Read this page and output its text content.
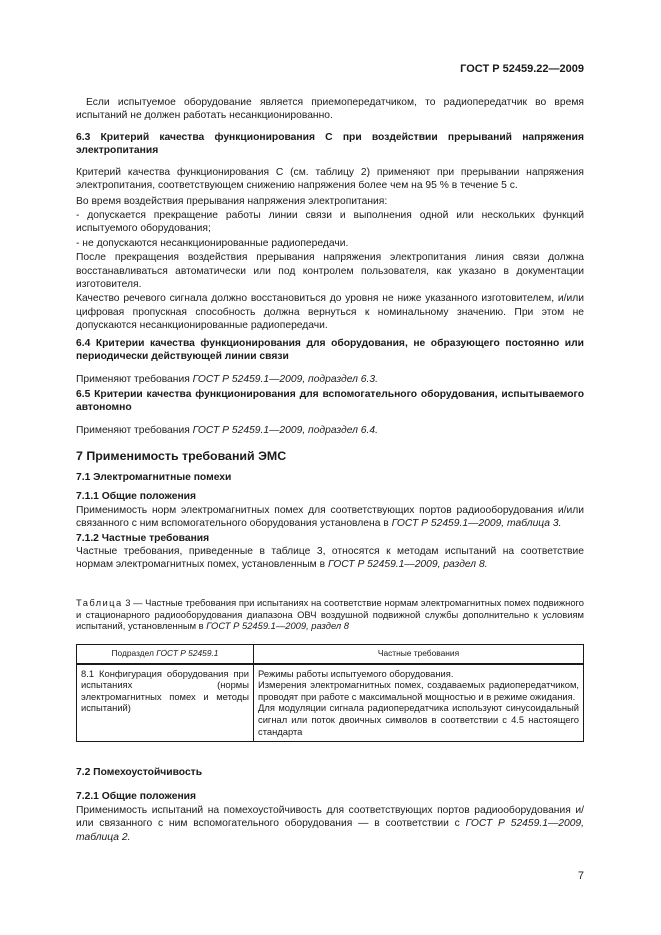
ГОСТ Р 52459.22—2009

Если испытуемое оборудование является приемопередатчиком, то радиопередатчик во время испытаний не должен работать несанкционированно.

6.3 Критерий качества функционирования С при воздействии прерываний напряжения электропитания

Критерий качества функционирования С (см. таблицу 2) применяют при прерывании напряжения электропитания, соответствующем снижению напряжения более чем на 95 % в течение 5 с.

Во время воздействия прерывания напряжения электропитания:

- допускается прекращение работы линии связи и выполнения одной или нескольких функций испытуемого оборудования;

- не допускаются несанкционированные радиопередачи.

После прекращения воздействия прерывания напряжения электропитания линия связи должна восстанавливаться автоматически или под контролем пользователя, как указано в документации изготовителя.

Качество речевого сигнала должно восстановиться до уровня не ниже указанного изготовителем, и/или цифровая пропускная способность должна вернуться к номинальному значению. При этом не допускаются несанкционированные радиопередачи.

6.4 Критерии качества функционирования для оборудования, не образующего постоянно или периодически действующей линии связи

Применяют требования ГОСТ Р 52459.1—2009, подраздел 6.3.

6.5 Критерии качества функционирования для вспомогательного оборудования, испытываемого автономно

Применяют требования ГОСТ Р 52459.1—2009, подраздел 6.4.

7 Применимость требований ЭМС

7.1 Электромагнитные помехи

7.1.1 Общие положения

Применимость норм электромагнитных помех для соответствующих портов радиооборудования и/или связанного с ним вспомогательного оборудования установлена в ГОСТ Р 52459.1—2009, таблица 3.

7.1.2 Частные требования

Частные требования, приведенные в таблице 3, относятся к методам испытаний на соответствие нормам электромагнитных помех, установленным в ГОСТ Р 52459.1—2009, раздел 8.

Таблица 3 — Частные требования при испытаниях на соответствие нормам электромагнитных помех подвижного и стационарного радиооборудования диапазона ОВЧ воздушной подвижной службы дополнительно к условиям испытаний, установленным в ГОСТ Р 52459.1—2009, раздел 8

Подраздел ГОСТ Р 52459.1	Частные требования
8.1 Конфигурация оборудования при испытаниях (нормы электромагнитных помех и методы испытаний)	Режимы работы испытуемого оборудования.
Измерения электромагнитных помех, создаваемых радиопередатчиком, проводят при работе с максимальной мощностью и в режиме ожидания.
Для модуляции сигнала радиопередатчика используют синусоидальный сигнал или поток двоичных символов в соответствии с 4.5 настоящего стандарта

7.2 Помехоустойчивость

7.2.1 Общие положения

Применимость испытаний на помехоустойчивость для соответствующих портов радиооборудования и/или связанного с ним вспомогательного оборудования — в соответствии с ГОСТ Р 52459.1—2009, таблица 2.

7
